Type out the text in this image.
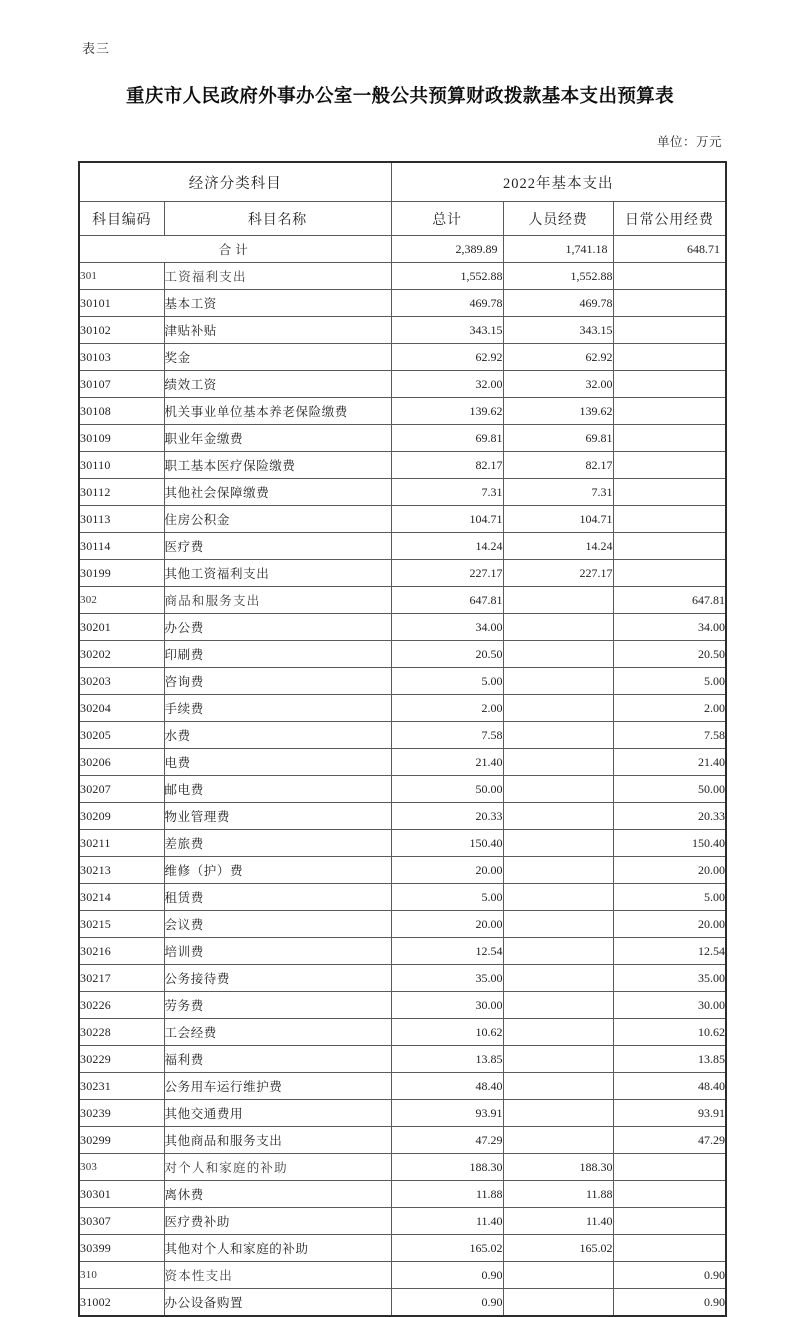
表三
重庆市人民政府外事办公室一般公共预算财政拨款基本支出预算表
单位：万元
经济分类科目		2022年基本支出		
科目编码	科目名称	总计	人员经费	日常公用经费
合计		2,389.89	1,741.18	648.71
301	工资福利支出	1,552.88	1,552.88	
30101	基本工资	469.78	469.78	
30102	津贴补贴	343.15	343.15	
30103	奖金	62.92	62.92	
30107	绩效工资	32.00	32.00	
30108	机关事业单位基本养老保险缴费	139.62	139.62	
30109	职业年金缴费	69.81	69.81	
30110	职工基本医疗保险缴费	82.17	82.17	
30112	其他社会保障缴费	7.31	7.31	
30113	住房公积金	104.71	104.71	
30114	医疗费	14.24	14.24	
30199	其他工资福利支出	227.17	227.17	
302	商品和服务支出	647.81		647.81
30201	办公费	34.00		34.00
30202	印刷费	20.50		20.50
30203	咨询费	5.00		5.00
30204	手续费	2.00		2.00
30205	水费	7.58		7.58
30206	电费	21.40		21.40
30207	邮电费	50.00		50.00
30209	物业管理费	20.33		20.33
30211	差旅费	150.40		150.40
30213	维修（护）费	20.00		20.00
30214	租赁费	5.00		5.00
30215	会议费	20.00		20.00
30216	培训费	12.54		12.54
30217	公务接待费	35.00		35.00
30226	劳务费	30.00		30.00
30228	工会经费	10.62		10.62
30229	福利费	13.85		13.85
30231	公务用车运行维护费	48.40		48.40
30239	其他交通费用	93.91		93.91
30299	其他商品和服务支出	47.29		47.29
303	对个人和家庭的补助	188.30	188.30	
30301	离休费	11.88	11.88	
30307	医疗费补助	11.40	11.40	
30399	其他对个人和家庭的补助	165.02	165.02	
310	资本性支出	0.90		0.90
31002	办公设备购置	0.90		0.90
